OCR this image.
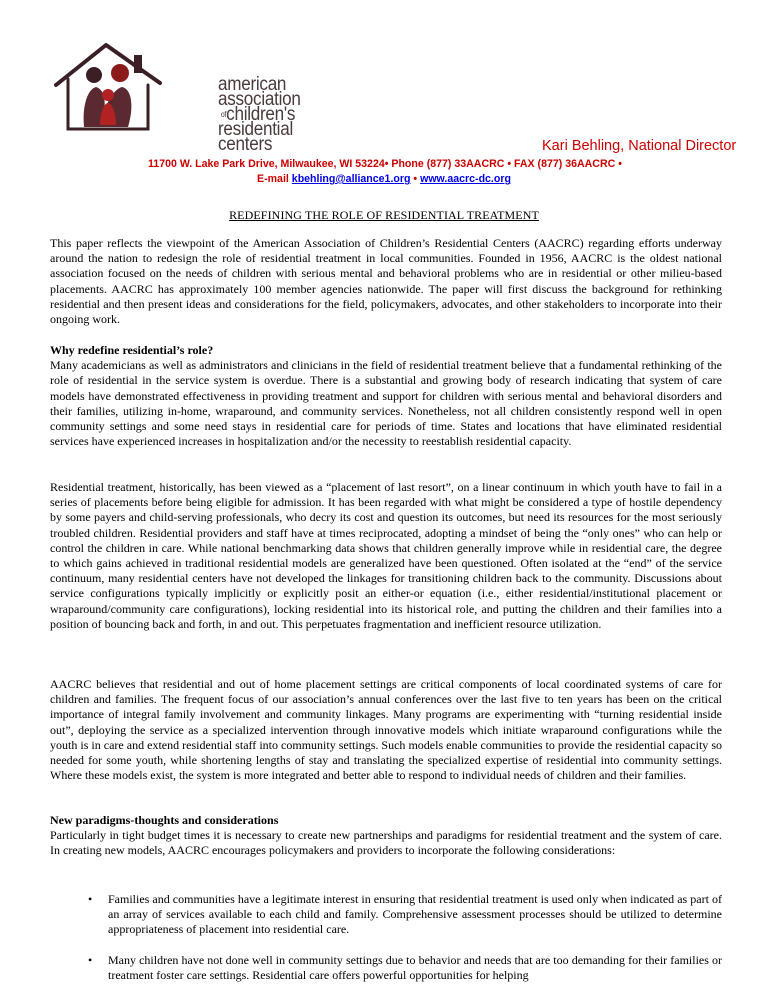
american
association
ofchildren's
residential
centers	Kari Behling, National Director
11700 W. Lake Park Drive, Milwaukee, WI 53224• Phone (877) 33AACRC • FAX (877) 36AACRC •
E-mail kbehling@alliance1.org • www.aacrc-dc.org
REDEFINING THE ROLE OF RESIDENTIAL TREATMENT

This paper reflects the viewpoint of the American Association of Children’s Residential Centers (AACRC) regarding efforts underway around the nation to redesign the role of residential treatment in local communities. Founded in 1956, AACRC is the oldest national association focused on the needs of children with serious mental and behavioral problems who are in residential or other milieu-based placements. AACRC has approximately 100 member agencies nationwide. The paper will first discuss the background for rethinking residential and then present ideas and considerations for the field, policymakers, advocates, and other stakeholders to incorporate into their ongoing work.

Why redefine residential’s role?

Many academicians as well as administrators and clinicians in the field of residential treatment believe that a fundamental rethinking of the role of residential in the service system is overdue. There is a substantial and growing body of research indicating that system of care models have demonstrated effectiveness in providing treatment and support for children with serious mental and behavioral disorders and their families, utilizing in-home, wraparound, and community services. Nonetheless, not all children consistently respond well in open community settings and some need stays in residential care for periods of time. States and locations that have eliminated residential services have experienced increases in hospitalization and/or the necessity to reestablish residential capacity.

Residential treatment, historically, has been viewed as a “placement of last resort”, on a linear continuum in which youth have to fail in a series of placements before being eligible for admission. It has been regarded with what might be considered a type of hostile dependency by some payers and child-serving professionals, who decry its cost and question its outcomes, but need its resources for the most seriously troubled children. Residential providers and staff have at times reciprocated, adopting a mindset of being the “only ones” who can help or control the children in care. While national benchmarking data shows that children generally improve while in residential care, the degree to which gains achieved in traditional residential models are generalized have been questioned. Often isolated at the “end” of the service continuum, many residential centers have not developed the linkages for transitioning children back to the community. Discussions about service configurations typically implicitly or explicitly posit an either-or equation (i.e., either residential/institutional placement or wraparound/community care configurations), locking residential into its historical role, and putting the children and their families into a position of bouncing back and forth, in and out. This perpetuates fragmentation and inefficient resource utilization.

AACRC believes that residential and out of home placement settings are critical components of local coordinated systems of care for children and families. The frequent focus of our association’s annual conferences over the last five to ten years has been on the critical importance of integral family involvement and community linkages. Many programs are experimenting with “turning residential inside out”, deploying the service as a specialized intervention through innovative models which initiate wraparound configurations while the youth is in care and extend residential staff into community settings. Such models enable communities to provide the residential capacity so needed for some youth, while shortening lengths of stay and translating the specialized expertise of residential into community settings. Where these models exist, the system is more integrated and better able to respond to individual needs of children and their families.

New paradigms-thoughts and considerations

Particularly in tight budget times it is necessary to create new partnerships and paradigms for residential treatment and the system of care. In creating new models, AACRC encourages policymakers and providers to incorporate the following considerations:

• Families and communities have a legitimate interest in ensuring that residential treatment is used only when indicated as part of an array of services available to each child and family. Comprehensive assessment processes should be utilized to determine appropriateness of placement into residential care.
• Many children have not done well in community settings due to behavior and needs that are too demanding for their families or treatment foster care settings. Residential care offers powerful opportunities for helping
